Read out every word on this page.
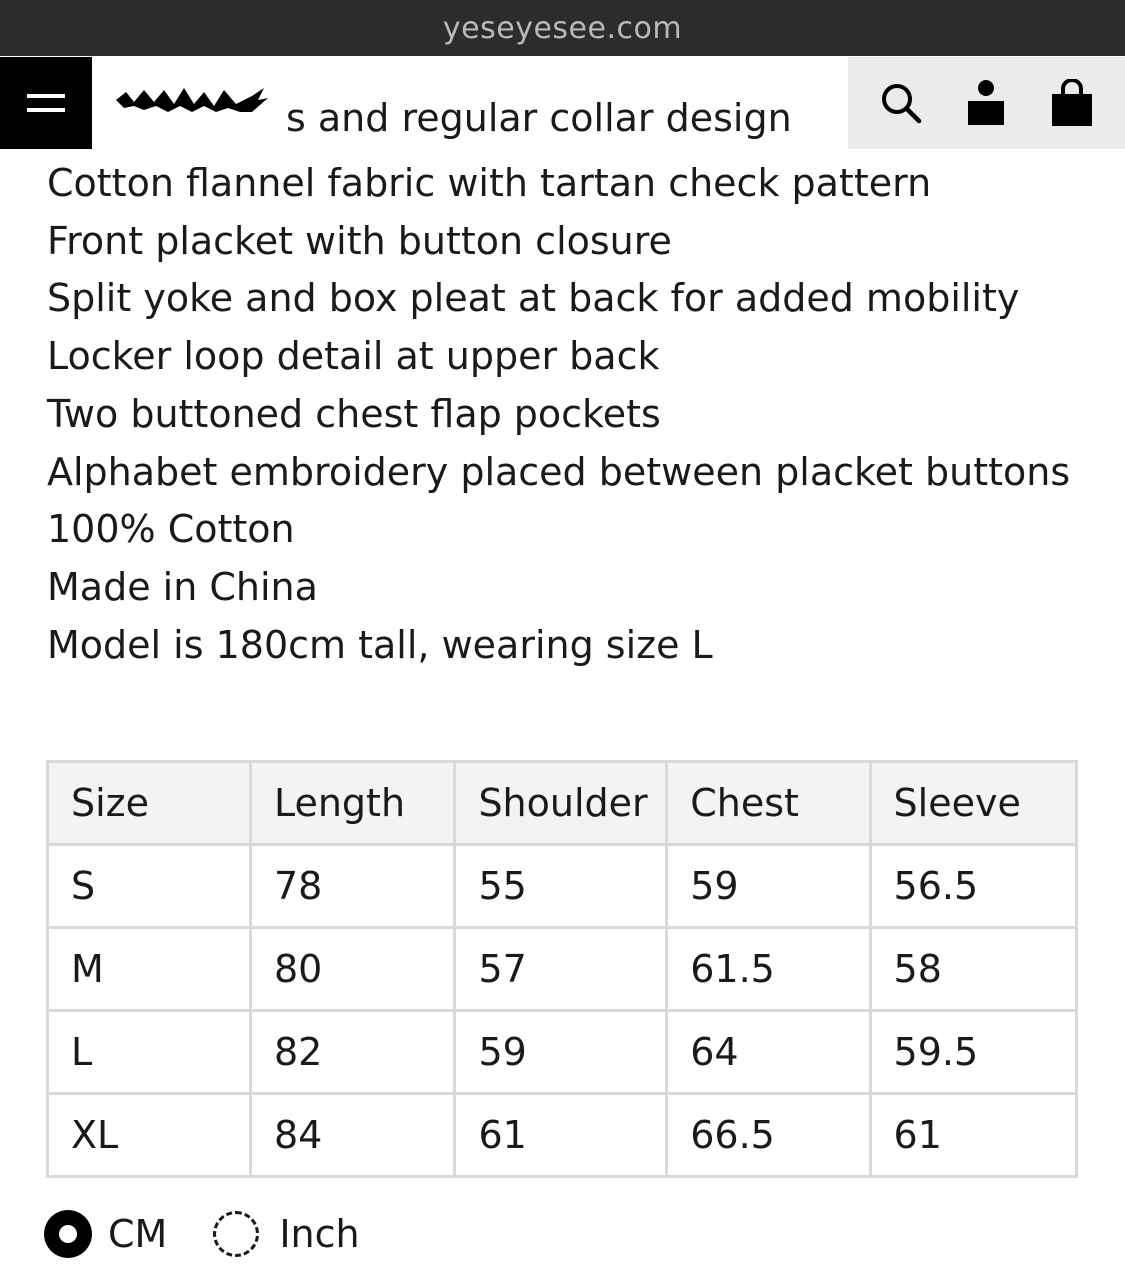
yeseyesee.com
s and regular collar design
Cotton flannel fabric with tartan check pattern
Front placket with button closure
Split yoke and box pleat at back for added mobility
Locker loop detail at upper back
Two buttoned chest flap pockets
Alphabet embroidery placed between placket buttons
100% Cotton
Made in China
Model is 180cm tall, wearing size L
Size	Length	Shoulder	Chest	Sleeve
S	78	55	59	56.5
M	80	57	61.5	58
L	82	59	64	59.5
XL	84	61	66.5	61
CM	Inch
